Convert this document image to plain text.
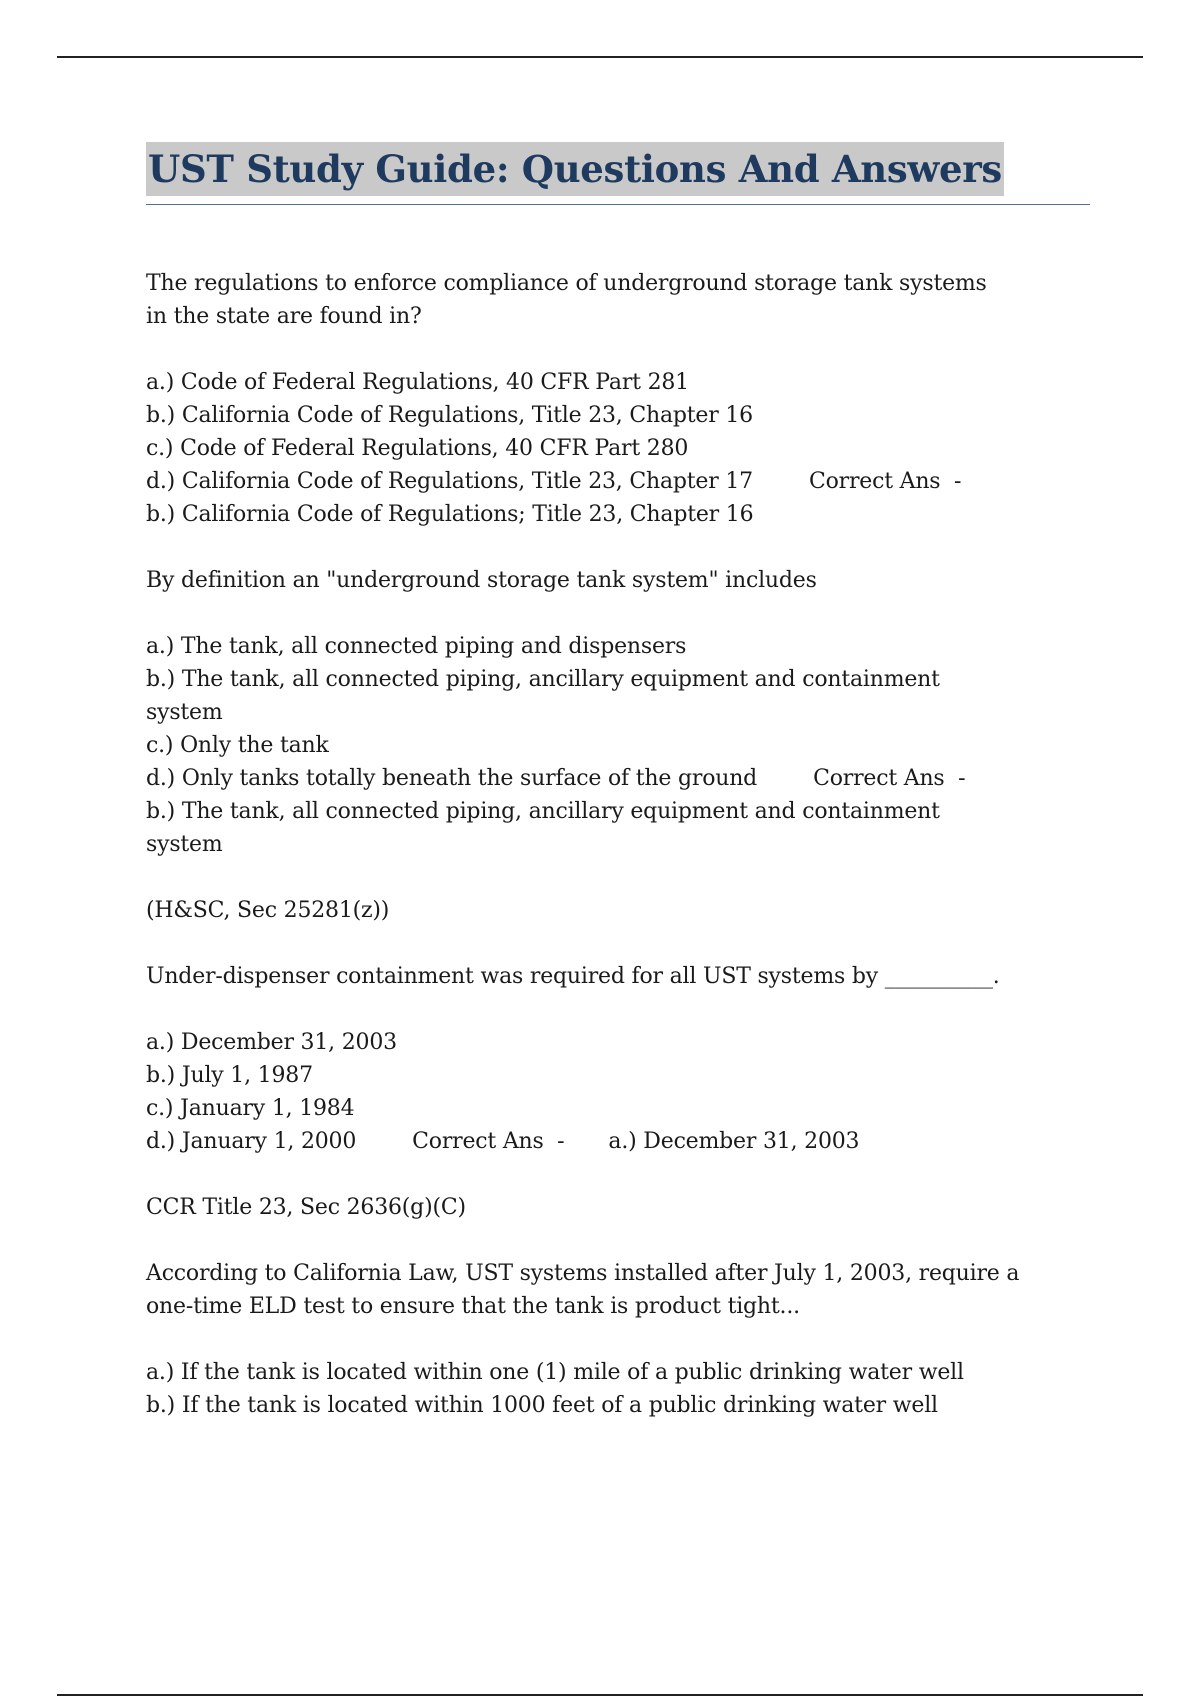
UST Study Guide: Questions And Answers
The regulations to enforce compliance of underground storage tank systems
in the state are found in?
a.) Code of Federal Regulations, 40 CFR Part 281
b.) California Code of Regulations, Title 23, Chapter 16
c.) Code of Federal Regulations, 40 CFR Part 280
d.) California Code of Regulations, Title 23, Chapter 17	Correct Ans  -
b.) California Code of Regulations; Title 23, Chapter 16
By definition an "underground storage tank system" includes
a.) The tank, all connected piping and dispensers
b.) The tank, all connected piping, ancillary equipment and containment
system
c.) Only the tank
d.) Only tanks totally beneath the surface of the ground	Correct Ans  -
b.) The tank, all connected piping, ancillary equipment and containment
system
(H&SC, Sec 25281(z))
Under-dispenser containment was required for all UST systems by __________.
a.) December 31, 2003
b.) July 1, 1987
c.) January 1, 1984
d.) January 1, 2000	Correct Ans  - a.) December 31, 2003
CCR Title 23, Sec 2636(g)(C)
According to California Law, UST systems installed after July 1, 2003, require a
one-time ELD test to ensure that the tank is product tight...
a.) If the tank is located within one (1) mile of a public drinking water well
b.) If the tank is located within 1000 feet of a public drinking water well
